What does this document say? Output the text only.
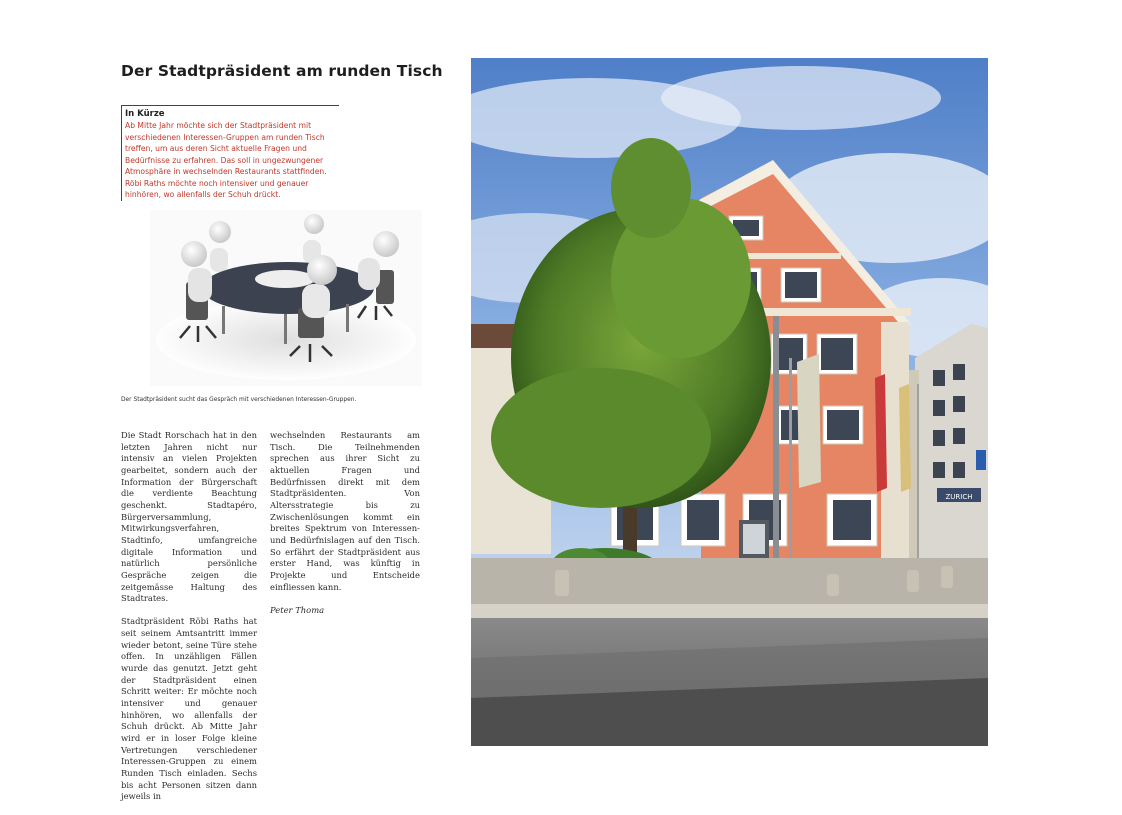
Der Stadtpräsident am runden Tisch
In Kürze
Ab Mitte Jahr möchte sich der Stadtpräsident mit verschiedenen Interessen-Gruppen am runden Tisch treffen, um aus deren Sicht aktuelle Fragen und Bedürfnisse zu erfahren. Das soll in ungezwungener Atmosphäre in wechselnden Restaurants stattfinden. Röbi Raths möchte noch intensiver und genauer hinhören, wo allenfalls der Schuh drückt.
Der Stadtpräsident sucht das Gespräch mit verschiedenen Interessen-Gruppen.

Die Stadt Rorschach hat in den letzten Jahren nicht nur intensiv an vielen Projekten gearbeitet, sondern auch der Information der Bürgerschaft die verdiente Beachtung geschenkt. Stadtapéro, Bürgerversammlung, Mitwirkungsverfahren, Stadtinfo, umfangreiche digitale Information und natürlich persönliche Gespräche zeigen die zeitgemässe Haltung des Stadtrates.

Stadtpräsident Röbi Raths hat seit seinem Amtsantritt immer wieder betont, seine Türe stehe offen. In unzähligen Fällen wurde das genutzt. Jetzt geht der Stadtpräsident einen Schritt weiter: Er möchte noch intensiver und genauer hinhören, wo allenfalls der Schuh drückt. Ab Mitte Jahr wird er in loser Folge kleine Vertretungen verschiedener Interessen-Gruppen zu einem Runden Tisch einladen. Sechs bis acht Personen sitzen dann jeweils in

wechselnden Restaurants am Tisch. Die Teilnehmenden sprechen aus ihrer Sicht zu aktuellen Fragen und Bedürfnissen direkt mit dem Stadtpräsidenten. Von Altersstrategie bis zu Zwischenlösungen kommt ein breites Spektrum von Interessen- und Bedürfnislagen auf den Tisch. So erfährt der Stadtpräsident aus erster Hand, was künftig in Projekte und Entscheide einfliessen kann.

Peter Thoma

ZURICH
